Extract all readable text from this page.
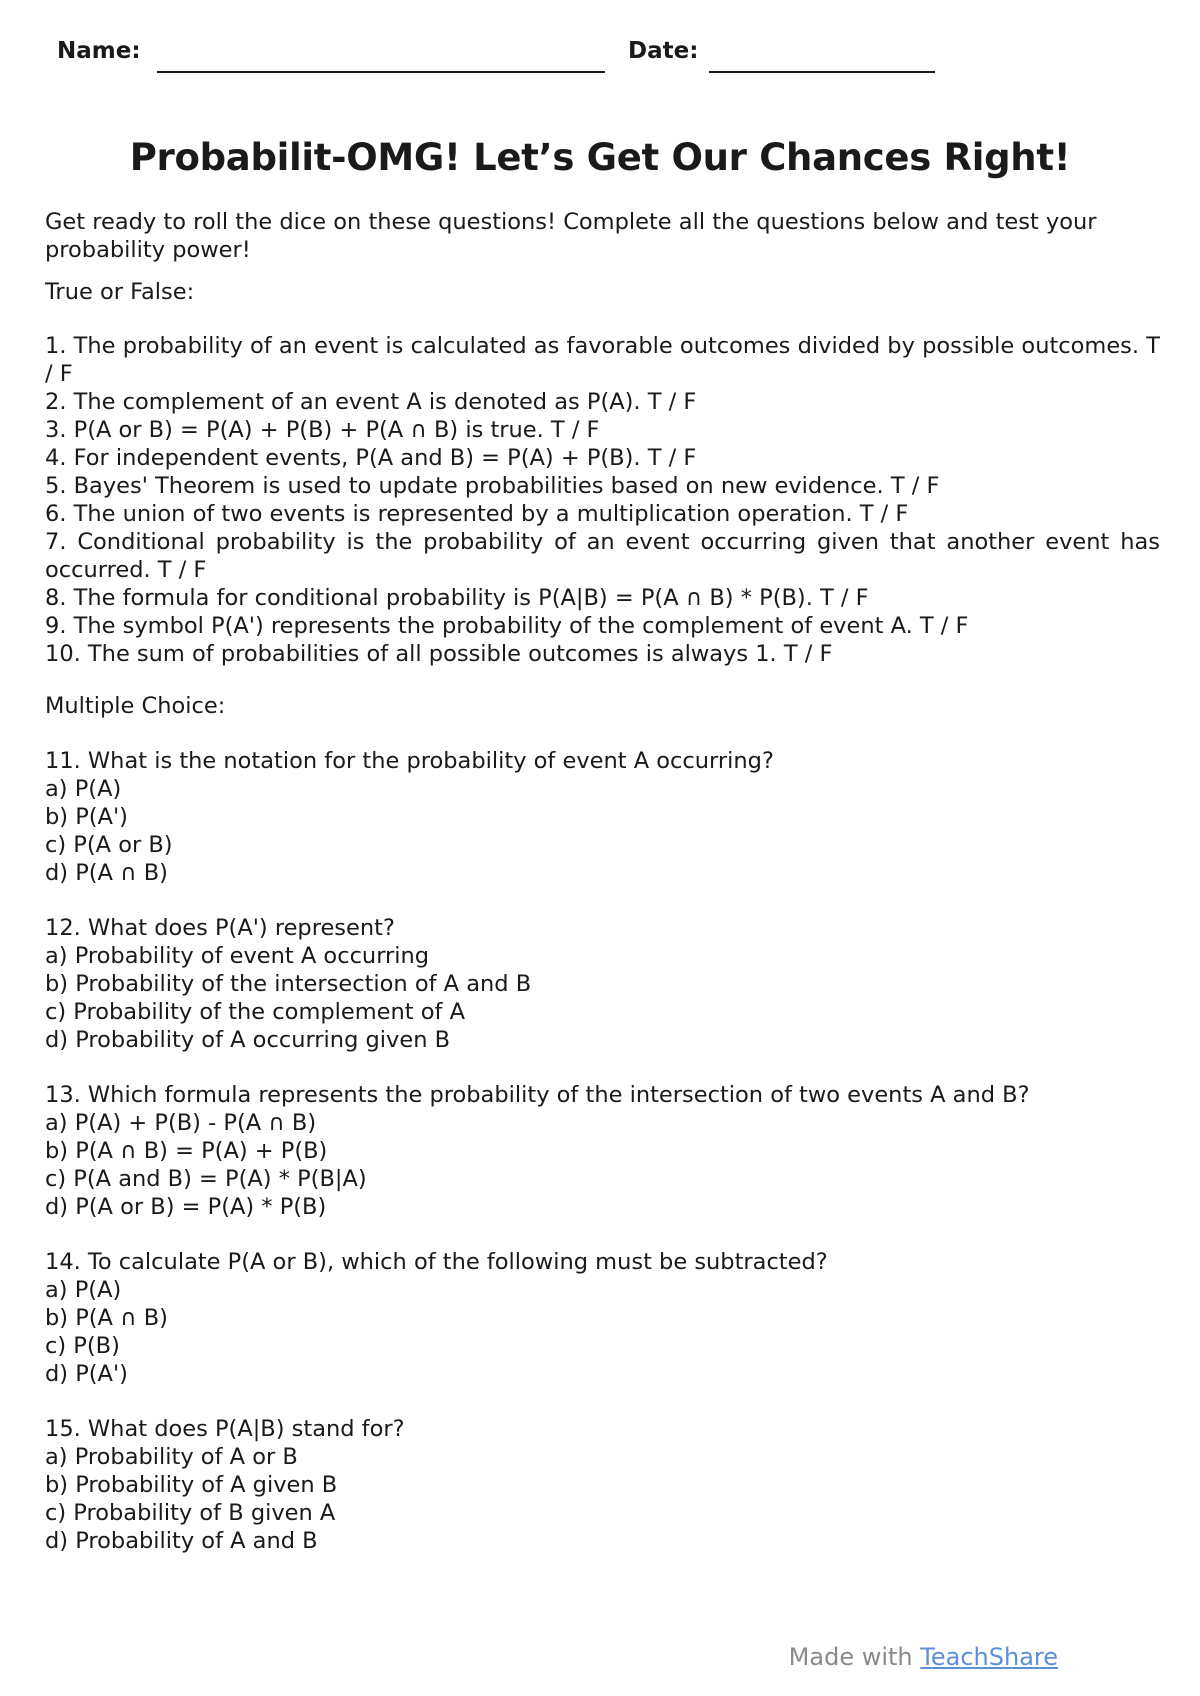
Name:	Date:
Probabilit-OMG! Let’s Get Our Chances Right!

Get ready to roll the dice on these questions! Complete all the questions below and test your probability power!

True or False:

1. The probability of an event is calculated as favorable outcomes divided by possible outcomes. T / F
2. The complement of an event A is denoted as P(A). T / F
3. P(A or B) = P(A) + P(B) + P(A ∩ B) is true. T / F
4. For independent events, P(A and B) = P(A) + P(B). T / F
5. Bayes' Theorem is used to update probabilities based on new evidence. T / F
6. The union of two events is represented by a multiplication operation. T / F
7. Conditional probability is the probability of an event occurring given that another event has occurred. T / F
8. The formula for conditional probability is P(A|B) = P(A ∩ B) * P(B). T / F
9. The symbol P(A') represents the probability of the complement of event A. T / F
10. The sum of probabilities of all possible outcomes is always 1. T / F

Multiple Choice:

11. What is the notation for the probability of event A occurring?

a) P(A)
b) P(A')
c) P(A or B)
d) P(A ∩ B)

12. What does P(A') represent?

a) Probability of event A occurring
b) Probability of the intersection of A and B
c) Probability of the complement of A
d) Probability of A occurring given B

13. Which formula represents the probability of the intersection of two events A and B?

a) P(A) + P(B) - P(A ∩ B)
b) P(A ∩ B) = P(A) + P(B)
c) P(A and B) = P(A) * P(B|A)
d) P(A or B) = P(A) * P(B)

14. To calculate P(A or B), which of the following must be subtracted?

a) P(A)
b) P(A ∩ B)
c) P(B)
d) P(A')

15. What does P(A|B) stand for?

a) Probability of A or B
b) Probability of A given B
c) Probability of B given A
d) Probability of A and B
Made with TeachShare
